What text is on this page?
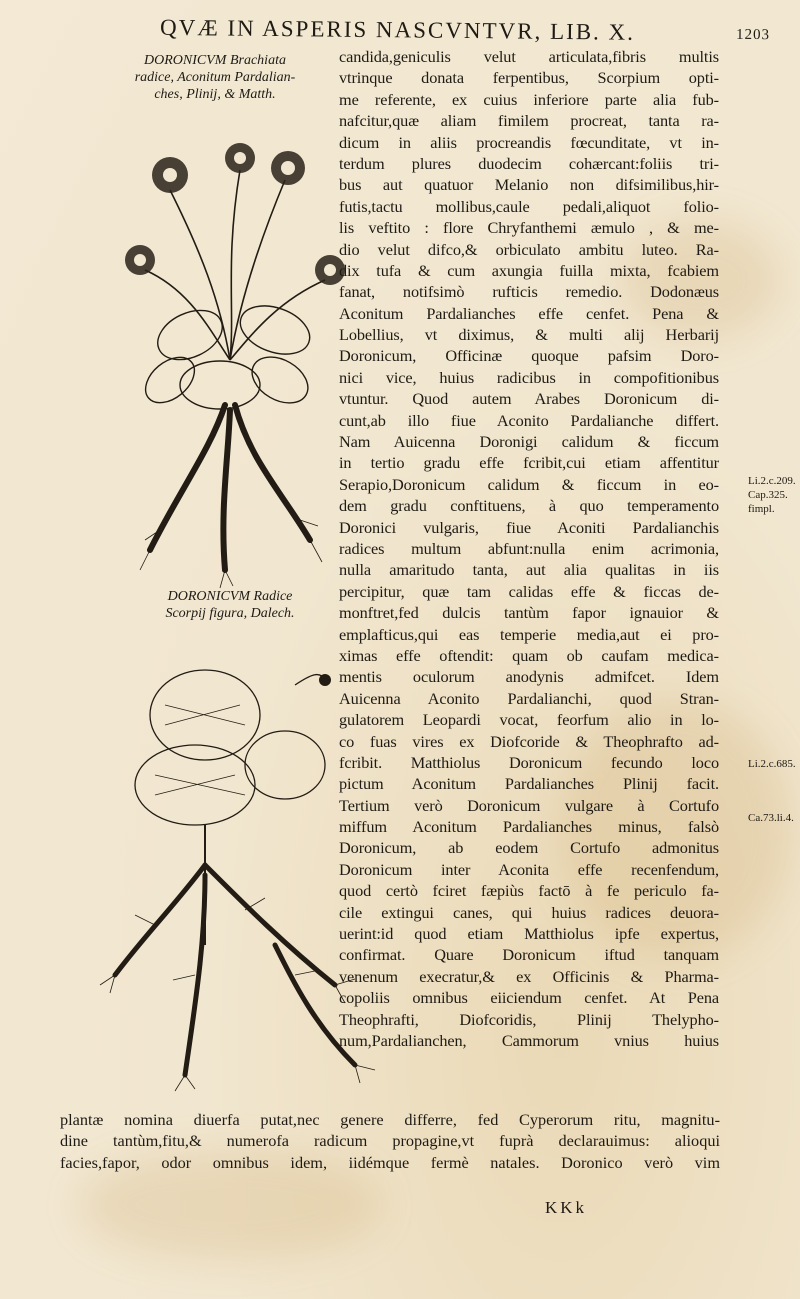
QVÆ IN ASPERIS NASCVNTVR, LIB. X.	1203
DORONICVM Brachiata
radice, Aconitum Pardalian-
ches, Plinij, & Matth.
DORONICVM Radice
Scorpij figura, Dalech.
candida,geniculis velut articulata,fibris multis
vtrinque donata ferpentibus, Scorpium opti-
me referente, ex cuius inferiore parte alia fub-
nafcitur,quæ aliam fimilem procreat, tanta ra-
dicum in aliis procreandis fœcunditate, vt in-
terdum plures duodecim cohærcant:foliis tri-
bus aut quatuor Melanio non difsimilibus,hir-
futis,tactu mollibus,caule pedali,aliquot folio-
lis veftito : flore Chryfanthemi æmulo , & me-
dio velut difco,& orbiculato ambitu luteo. Ra-
dix tufa & cum axungia fuilla mixta, fcabiem
fanat, notifsimò rufticis remedio. Dodonæus
Aconitum Pardalianches effe cenfet. Pena &
Lobellius, vt diximus, & multi alij Herbarij
Doronicum, Officinæ quoque pafsim Doro-
nici vice, huius radicibus in compofitionibus
vtuntur. Quod autem Arabes Doronicum di-
cunt,ab illo fiue Aconito Pardalianche differt.
Nam Auicenna Doronigi calidum & ficcum
in tertio gradu effe fcribit,cui etiam affentitur
Serapio,Doronicum calidum & ficcum in eo-
dem gradu conftituens, à quo temperamento
Doronici vulgaris, fiue Aconiti Pardalianchis
radices multum abfunt:nulla enim acrimonia,
nulla amaritudo tanta, aut alia qualitas in iis
percipitur, quæ tam calidas effe & ficcas de-
monftret,fed dulcis tantùm fapor ignauior &
emplafticus,qui eas temperie media,aut ei pro-
ximas effe oftendit: quam ob caufam medica-
mentis oculorum anodynis admifcet. Idem
Auicenna Aconito Pardalianchi, quod Stran-
gulatorem Leopardi vocat, feorfum alio in lo-
co fuas vires ex Diofcoride & Theophrafto ad-
fcribit. Matthiolus Doronicum fecundo loco
pictum Aconitum Pardalianches Plinij facit.
Tertium verò Doronicum vulgare à Cortufo
miffum Aconitum Pardalianches minus, falsò
Doronicum, ab eodem Cortufo admonitus
Doronicum inter Aconita effe recenfendum,
quod certò fciret fæpiùs factō à fe periculo fa-
cile extingui canes, qui huius radices deuora-
uerint:id quod etiam Matthiolus ipfe expertus,
confirmat. Quare Doronicum iftud tanquam
venenum execratur,& ex Officinis & Pharma-
copoliis omnibus eiiciendum cenfet. At Pena
Theophrafti, Diofcoridis, Plinij Thelypho-
num,Pardalianchen, Cammorum vnius huius
plantæ nomina diuerfa putat,nec genere differre, fed Cyperorum ritu, magnitu-
dine tantùm,fitu,& numerofa radicum propagine,vt fuprà declarauimus: alioqui
facies,fapor, odor omnibus idem, iidémque fermè natales. Doronico verò vim
KKk
Li.2.c.209.
Cap.325.
fimpl.
Li.2.c.685.
Ca.73.li.4.
